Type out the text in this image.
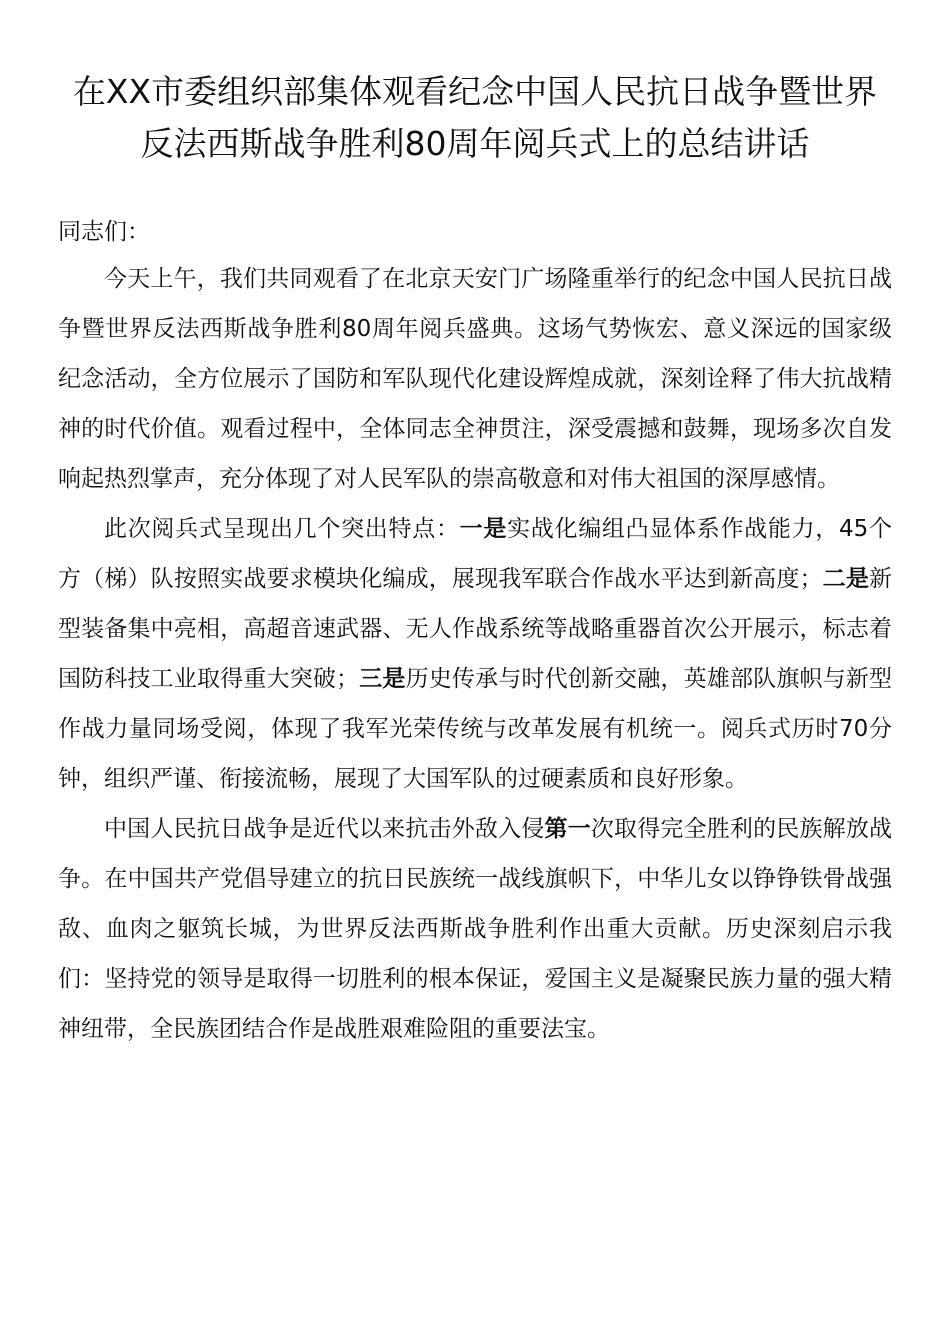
在XX市委组织部集体观看纪念中国人民抗日战争暨世界反法西斯战争胜利80周年阅兵式上的总结讲话
同志们：

今天上午，我们共同观看了在北京天安门广场隆重举行的纪念中国人民抗日战争暨世界反法西斯战争胜利80周年阅兵盛典。这场气势恢宏、意义深远的国家级纪念活动，全方位展示了国防和军队现代化建设辉煌成就，深刻诠释了伟大抗战精神的时代价值。观看过程中，全体同志全神贯注，深受震撼和鼓舞，现场多次自发响起热烈掌声，充分体现了对人民军队的崇高敬意和对伟大祖国的深厚感情。

此次阅兵式呈现出几个突出特点：一是实战化编组凸显体系作战能力，45个方（梯）队按照实战要求模块化编成，展现我军联合作战水平达到新高度；二是新型装备集中亮相，高超音速武器、无人作战系统等战略重器首次公开展示，标志着国防科技工业取得重大突破；三是历史传承与时代创新交融，英雄部队旗帜与新型作战力量同场受阅，体现了我军光荣传统与改革发展有机统一。阅兵式历时70分钟，组织严谨、衔接流畅，展现了大国军队的过硬素质和良好形象。

中国人民抗日战争是近代以来抗击外敌入侵第一次取得完全胜利的民族解放战争。在中国共产党倡导建立的抗日民族统一战线旗帜下，中华儿女以铮铮铁骨战强敌、血肉之躯筑长城，为世界反法西斯战争胜利作出重大贡献。历史深刻启示我们：坚持党的领导是取得一切胜利的根本保证，爱国主义是凝聚民族力量的强大精神纽带，全民族团结合作是战胜艰难险阻的重要法宝。
